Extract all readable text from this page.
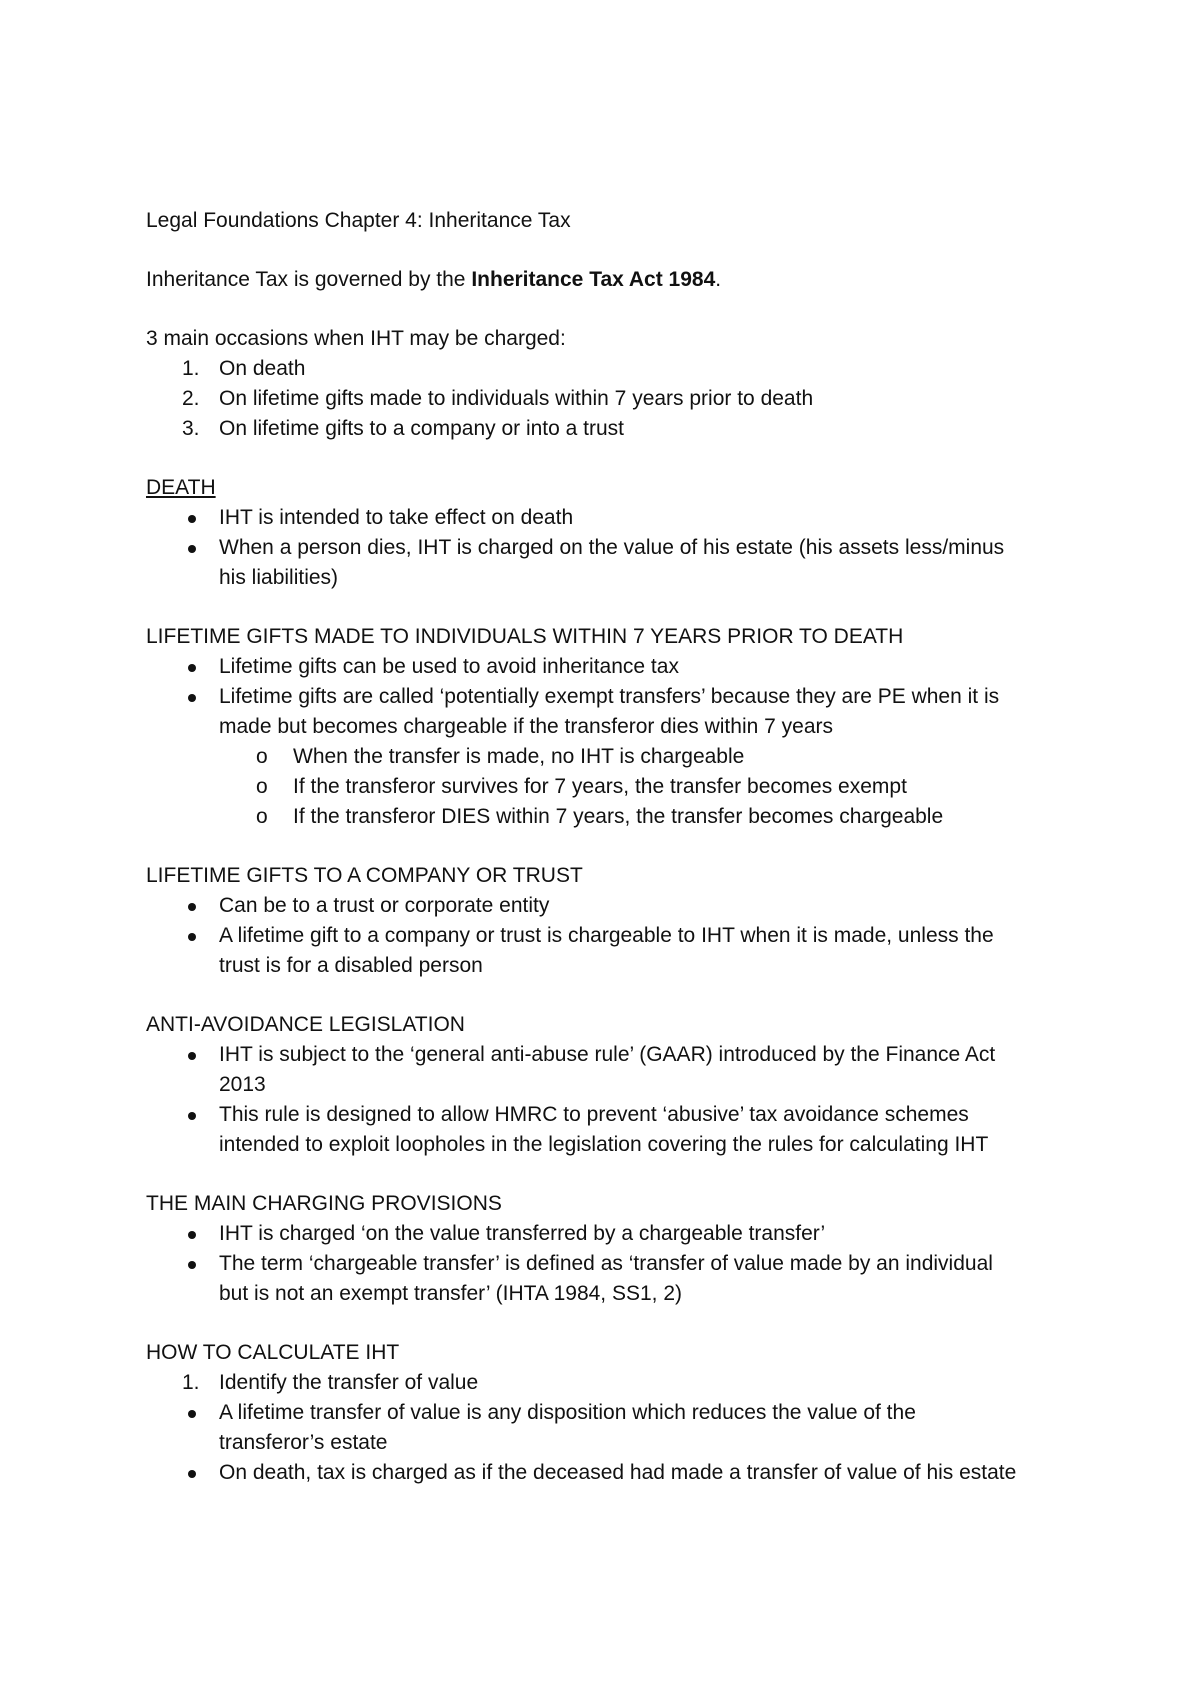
Legal Foundations Chapter 4: Inheritance Tax

Inheritance Tax is governed by the Inheritance Tax Act 1984.

3 main occasions when IHT may be charged:

1. On death
2. On lifetime gifts made to individuals within 7 years prior to death
3. On lifetime gifts to a company or into a trust

DEATH

IHT is intended to take effect on death
When a person dies, IHT is charged on the value of his estate (his assets less/minus
his liabilities)

LIFETIME GIFTS MADE TO INDIVIDUALS WITHIN 7 YEARS PRIOR TO DEATH

Lifetime gifts can be used to avoid inheritance tax
Lifetime gifts are called ‘potentially exempt transfers’ because they are PE when it is
made but becomes chargeable if the transferor dies within 7 years
o When the transfer is made, no IHT is chargeable
o If the transferor survives for 7 years, the transfer becomes exempt
o If the transferor DIES within 7 years, the transfer becomes chargeable

LIFETIME GIFTS TO A COMPANY OR TRUST

Can be to a trust or corporate entity
A lifetime gift to a company or trust is chargeable to IHT when it is made, unless the
trust is for a disabled person

ANTI-AVOIDANCE LEGISLATION

IHT is subject to the ‘general anti-abuse rule’ (GAAR) introduced by the Finance Act
2013
This rule is designed to allow HMRC to prevent ‘abusive’ tax avoidance schemes
intended to exploit loopholes in the legislation covering the rules for calculating IHT

THE MAIN CHARGING PROVISIONS

IHT is charged ‘on the value transferred by a chargeable transfer’
The term ‘chargeable transfer’ is defined as ‘transfer of value made by an individual
but is not an exempt transfer’ (IHTA 1984, SS1, 2)

HOW TO CALCULATE IHT

1. Identify the transfer of value
A lifetime transfer of value is any disposition which reduces the value of the
transferor’s estate
On death, tax is charged as if the deceased had made a transfer of value of his estate
